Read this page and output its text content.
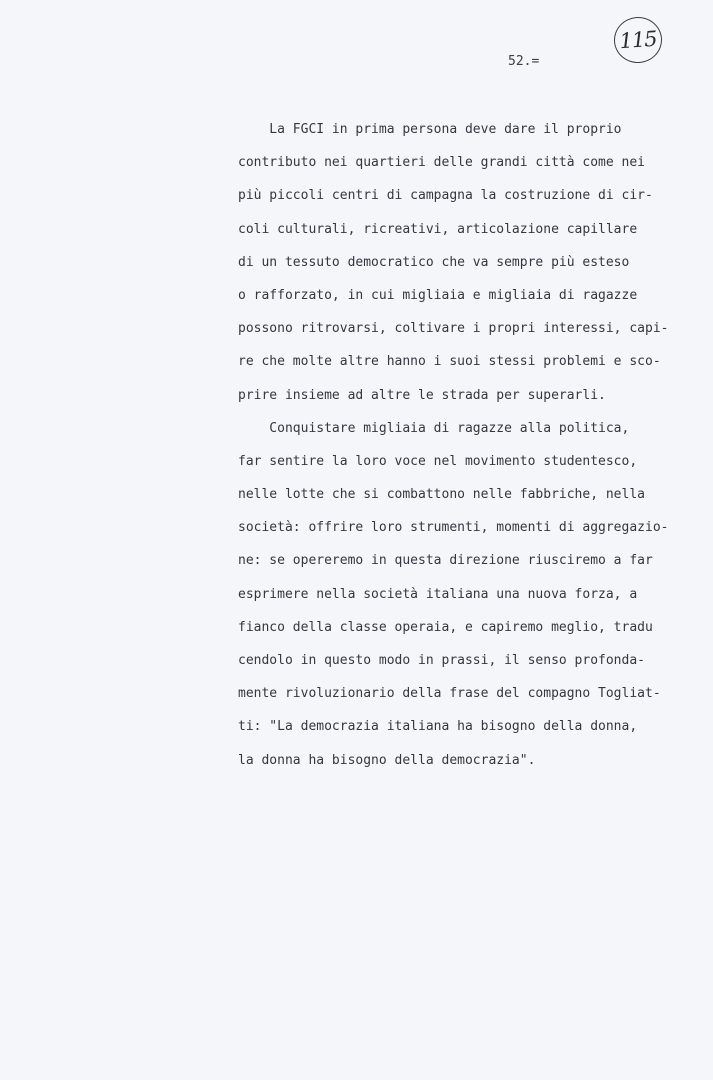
115
52.=
La FGCI in prima persona deve dare il proprio
contributo nei quartieri delle grandi città come nei
più piccoli centri di campagna la costruzione di cir-
coli culturali, ricreativi, articolazione capillare
di un tessuto democratico che va sempre più esteso
o rafforzato, in cui migliaia e migliaia di ragazze
possono ritrovarsi, coltivare i propri interessi, capi-
re che molte altre hanno i suoi stessi problemi e sco-
prire insieme ad altre le strada per superarli.
Conquistare migliaia di ragazze alla politica,
far sentire la loro voce nel movimento studentesco,
nelle lotte che si combattono nelle fabbriche, nella
società: offrire loro strumenti, momenti di aggregazio-
ne: se opereremo in questa direzione riusciremo a far
esprimere nella società italiana una nuova forza, a
fianco della classe operaia, e capiremo meglio, tradu
cendolo in questo modo in prassi, il senso profonda-
mente rivoluzionario della frase del compagno Togliat-
ti: "La democrazia italiana ha bisogno della donna,
la donna ha bisogno della democrazia".
